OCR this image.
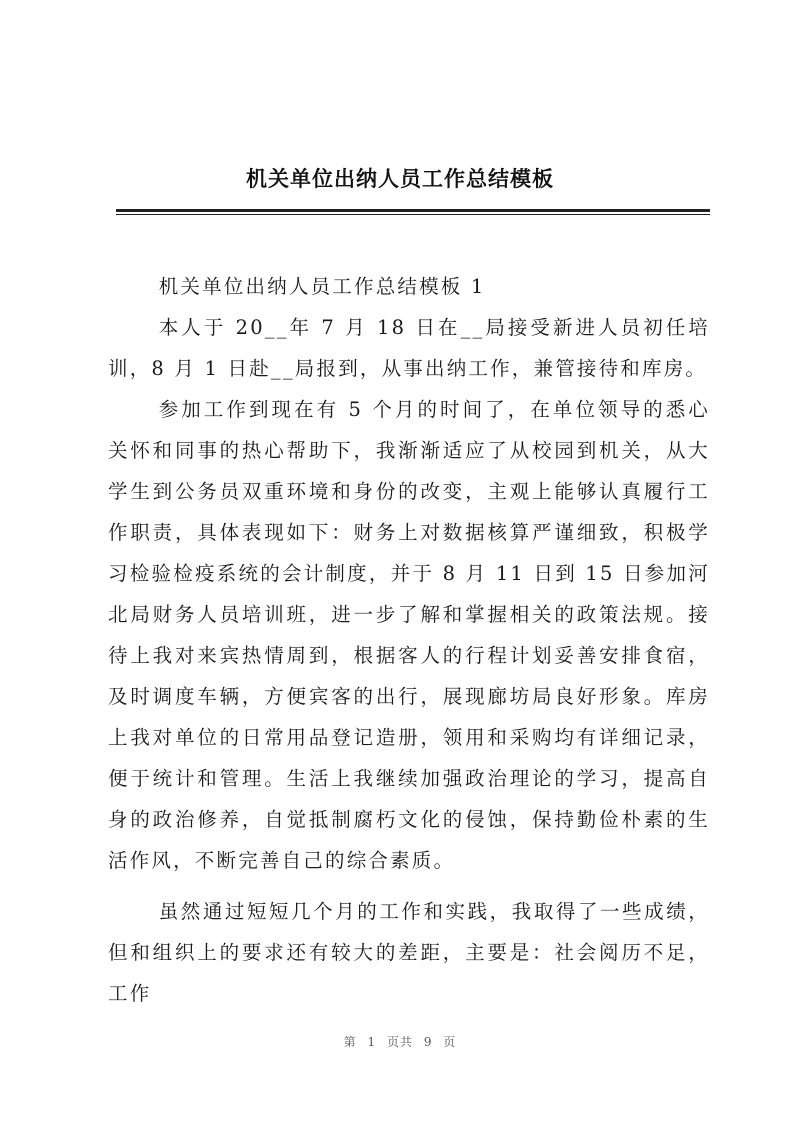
机关单位出纳人员工作总结模板

机关单位出纳人员工作总结模板 1

本人于 20__年 7 月 18 日在__局接受新进人员初任培训，8 月 1 日赴__局报到，从事出纳工作，兼管接待和库房。

参加工作到现在有 5 个月的时间了，在单位领导的悉心关怀和同事的热心帮助下，我渐渐适应了从校园到机关，从大学生到公务员双重环境和身份的改变，主观上能够认真履行工作职责，具体表现如下：财务上对数据核算严谨细致，积极学习检验检疫系统的会计制度，并于 8 月 11 日到 15 日参加河北局财务人员培训班，进一步了解和掌握相关的政策法规。接待上我对来宾热情周到，根据客人的行程计划妥善安排食宿，及时调度车辆，方便宾客的出行，展现廊坊局良好形象。库房上我对单位的日常用品登记造册，领用和采购均有详细记录，便于统计和管理。生活上我继续加强政治理论的学习，提高自身的政治修养，自觉抵制腐朽文化的侵蚀，保持勤俭朴素的生活作风，不断完善自己的综合素质。

虽然通过短短几个月的工作和实践，我取得了一些成绩，但和组织上的要求还有较大的差距，主要是：社会阅历不足，工作

第 1 页共 9 页
